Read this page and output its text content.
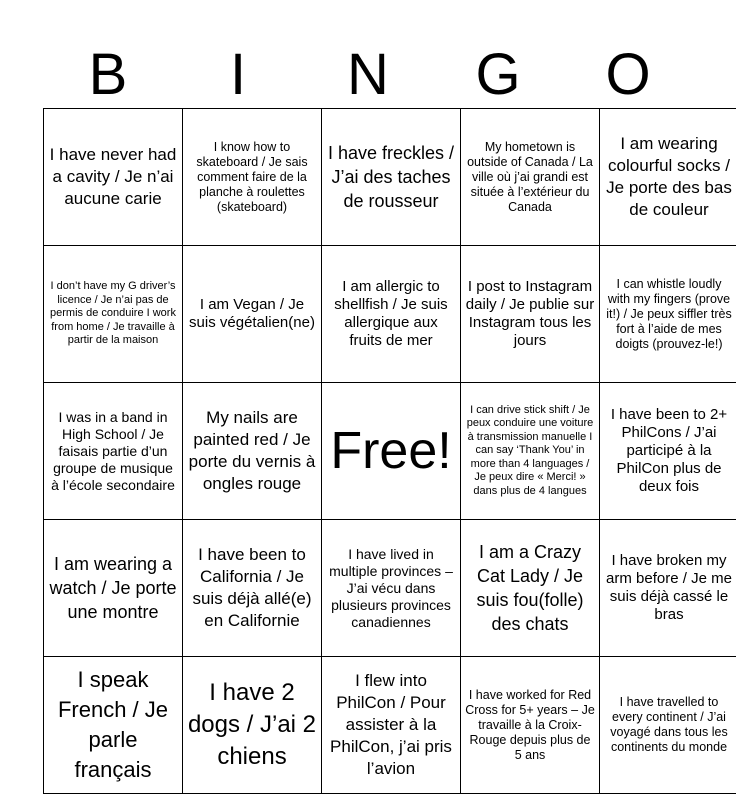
B	I	N	G	O
I have never had a cavity / Je n’ai aucune carie	I know how to skateboard / Je sais comment faire de la planche à roulettes (skateboard)	I have freckles / J’ai des taches de rousseur	My hometown is outside of Canada / La ville où j’ai grandi est située à l’extérieur du Canada	I am wearing colourful socks / Je porte des bas de couleur
I don’t have my G driver’s licence / Je n’ai pas de permis de conduire I work from home / Je travaille à partir de la maison	I am Vegan / Je suis végétalien(ne)	I am allergic to shellfish / Je suis allergique aux fruits de mer	I post to Instagram daily / Je publie sur Instagram tous les jours	I can whistle loudly with my fingers (prove it!) / Je peux siffler très fort à l’aide de mes doigts (prouvez-le!)
I was in a band in High School / Je faisais partie d’un groupe de musique à l’école secondaire	My nails are painted red / Je porte du vernis à ongles rouge	Free!	I can drive stick shift / Je peux conduire une voiture à transmission manuelle I can say ‘Thank You’ in more than 4 languages / Je peux dire « Merci! » dans plus de 4 langues	I have been to 2+ PhilCons / J’ai participé à la PhilCon plus de deux fois
I am wearing a watch / Je porte une montre	I have been to California / Je suis déjà allé(e) en Californie	I have lived in multiple provinces – J’ai vécu dans plusieurs provinces canadiennes	I am a Crazy Cat Lady / Je suis fou(folle) des chats	I have broken my arm before / Je me suis déjà cassé le bras
I speak French / Je parle français	I have 2 dogs / J’ai 2 chiens	I flew into PhilCon / Pour assister à la PhilCon, j’ai pris l’avion	I have worked for Red Cross for 5+ years – Je travaille à la Croix-Rouge depuis plus de 5 ans	I have travelled to every continent / J’ai voyagé dans tous les continents du monde
